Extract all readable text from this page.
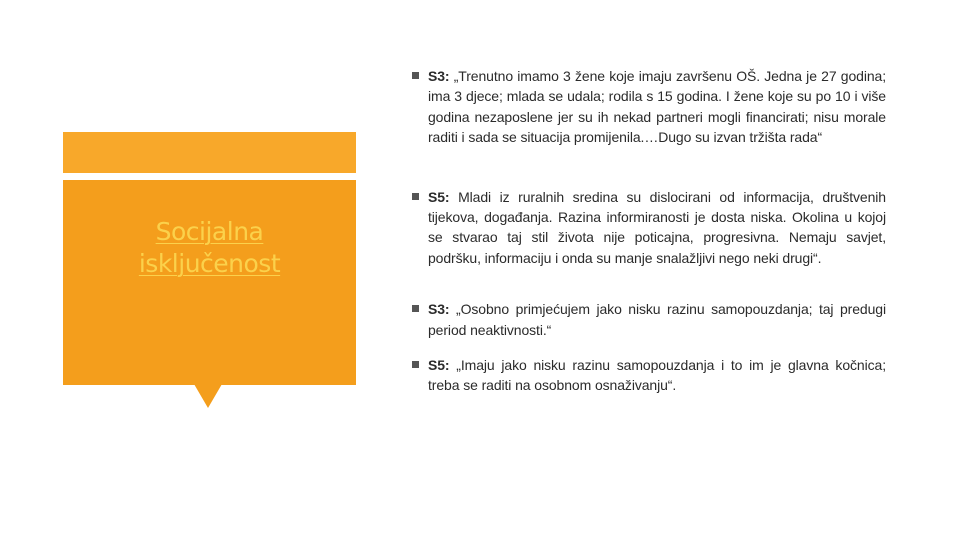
Socijalna
isključenost
S3: „Trenutno imamo 3 žene koje imaju završenu OŠ. Jedna je 27 godina; ima 3 djece; mlada se udala; rodila s 15 godina. I žene koje su po 10 i više godina nezaposlene jer su ih nekad partneri mogli financirati; nisu morale raditi i sada se situacija promijenila.…Dugo su izvan tržišta rada“
S5: Mladi iz ruralnih sredina su dislocirani od informacija, društvenih tijekova, događanja. Razina informiranosti je dosta niska. Okolina u kojoj se stvarao taj stil života nije poticajna, progresivna. Nemaju savjet, podršku, informaciju i onda su manje snalažljivi nego neki drugi“.
S3: „Osobno primjećujem jako nisku razinu samopouzdanja; taj predugi period neaktivnosti.“
S5: „Imaju jako nisku razinu samopouzdanja i to im je glavna kočnica; treba se raditi na osobnom osnaživanju“.
